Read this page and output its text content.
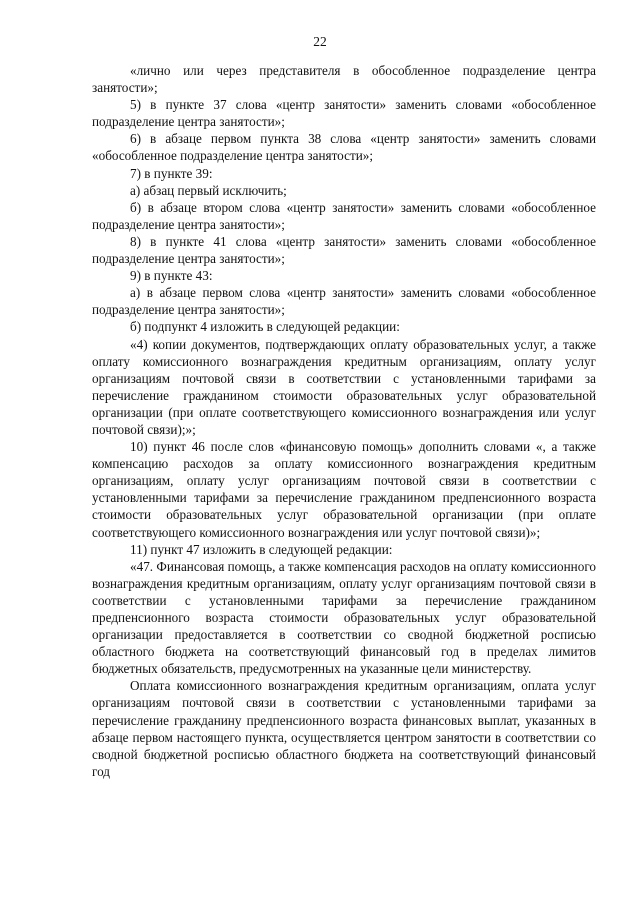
22

«лично или через представителя в обособленное подразделение центра занятости»;

5) в пункте 37 слова «центр занятости» заменить словами «обособленное подразделение центра занятости»;

6) в абзаце первом пункта 38 слова «центр занятости» заменить словами «обособленное подразделение центра занятости»;

7) в пункте 39:

а) абзац первый исключить;

б) в абзаце втором слова «центр занятости» заменить словами «обособленное подразделение центра занятости»;

8) в пункте 41 слова «центр занятости» заменить словами «обособленное подразделение центра занятости»;

9) в пункте 43:

а) в абзаце первом слова «центр занятости» заменить словами «обособленное подразделение центра занятости»;

б) подпункт 4 изложить в следующей редакции:

«4) копии документов, подтверждающих оплату образовательных услуг, а также оплату комиссионного вознаграждения кредитным организациям, оплату услуг организациям почтовой связи в соответствии с установленными тарифами за перечисление гражданином стоимости образовательных услуг образовательной организации (при оплате соответствующего комиссионного вознаграждения или услуг почтовой связи);»;

10) пункт 46 после слов «финансовую помощь» дополнить словами «, а также компенсацию расходов за оплату комиссионного вознаграждения кредитным организациям, оплату услуг организациям почтовой связи в соответствии с установленными тарифами за перечисление гражданином предпенсионного возраста стоимости образовательных услуг образовательной организации (при оплате соответствующего комиссионного вознаграждения или услуг почтовой связи)»;

11) пункт 47 изложить в следующей редакции:

«47. Финансовая помощь, а также компенсация расходов на оплату комиссионного вознаграждения кредитным организациям, оплату услуг организациям почтовой связи в соответствии с установленными тарифами за перечисление гражданином предпенсионного возраста стоимости образовательных услуг образовательной организации предоставляется в соответствии со сводной бюджетной росписью областного бюджета на соответствующий финансовый год в пределах лимитов бюджетных обязательств, предусмотренных на указанные цели министерству.

Оплата комиссионного вознаграждения кредитным организациям, оплата услуг организациям почтовой связи в соответствии с установленными тарифами за перечисление гражданину предпенсионного возраста финансовых выплат, указанных в абзаце первом настоящего пункта, осуществляется центром занятости в соответствии со сводной бюджетной росписью областного бюджета на соответствующий финансовый год
